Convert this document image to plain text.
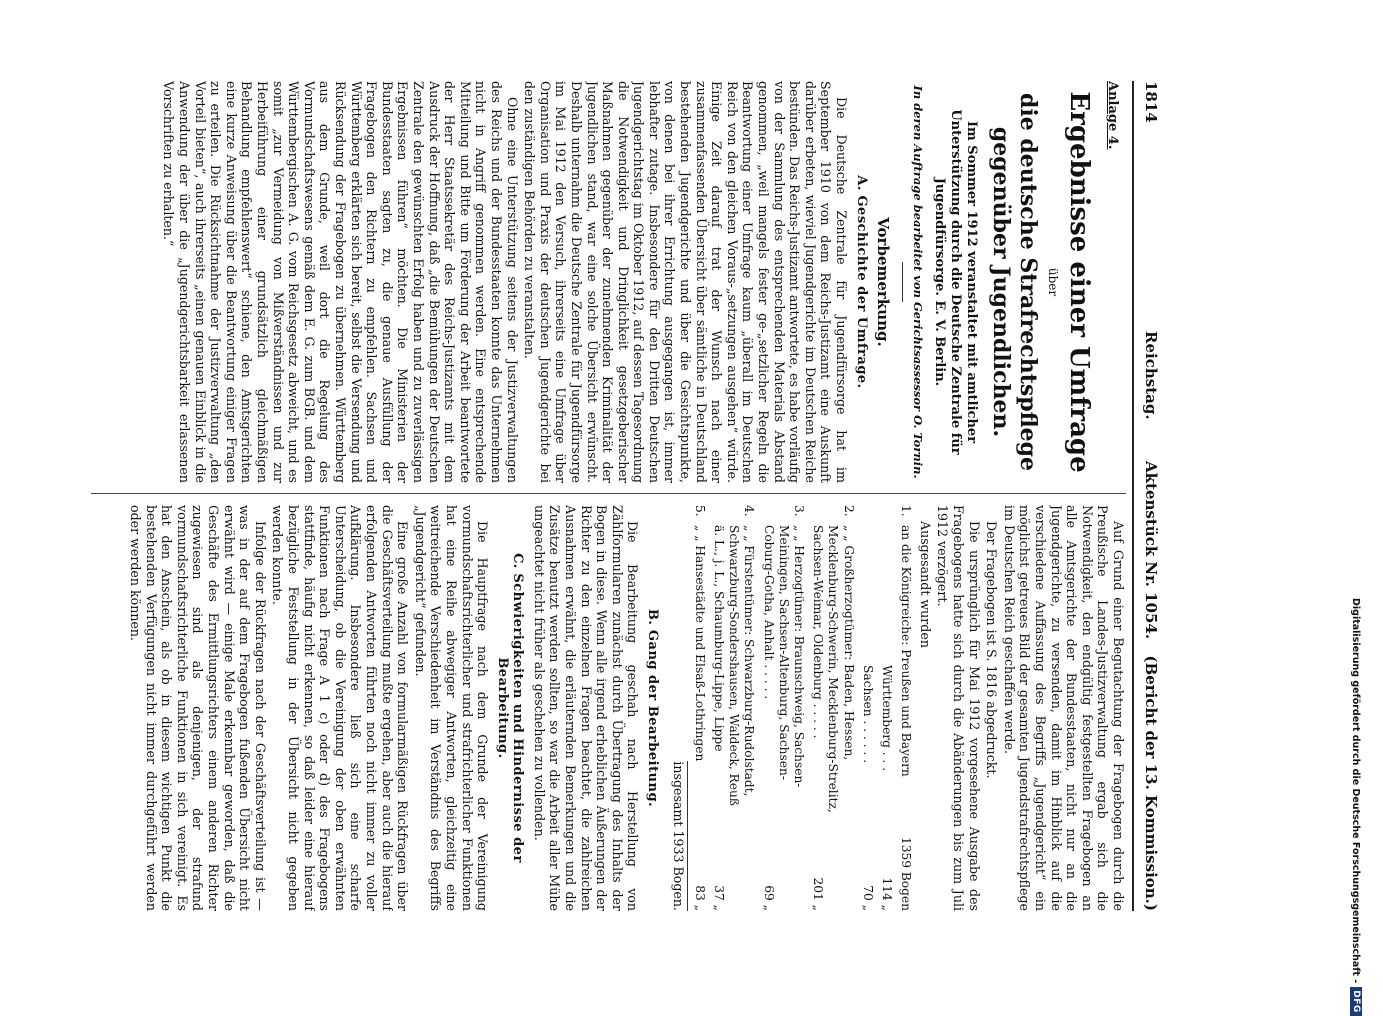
1814
Reichstag.
Aktenstück Nr. 1054.
(Bericht der 13. Kommission.)

Anlage 4.

Ergebnisse einer Umfrage

über

die deutsche Strafrechtspflege gegenüber Jugendlichen.

Im Sommer 1912 veranstaltet mit amtlicher Unterstützung durch die Deutsche Zentrale für Jugendfürsorge. E. V. Berlin.

In deren Auftrage bearbeitet von Gerichtsassessor O. Tornin.

Vorbemerkung.

A. Geschichte der Umfrage.

Die Deutsche Zentrale für Jugendfürsorge hat im September 1910 von dem Reichs-Justizamt eine Auskunft darüber erbeten, wieviel Jugendgerichte im Deutschen Reiche bestünden. Das Reichs-Justizamt antwortete, es habe vorläufig von der Sammlung des entsprechenden Materials Abstand genommen, „weil mangels fester ge-„setzlicher Regeln die Beantwortung einer Umfrage kaum „überall im Deutschen Reich von den gleichen Voraus-„setzungen ausgehen“ würde. Einige Zeit darauf trat der Wunsch nach einer zusammenfassenden Übersicht über sämtliche in Deutschland bestehenden Jugendgerichte und über die Gesichtspunkte, von denen bei ihrer Errichtung ausgegangen ist, immer lebhafter zutage. Insbesondere für den Dritten Deutschen Jugendgerichtstag im Oktober 1912, auf dessen Tagesordnung die Notwendigkeit und Dringlichkeit gesetzgeberischer Maßnahmen gegenüber der zunehmenden Kriminalität der Jugendlichen stand, war eine solche Übersicht erwünscht. Deshalb unternahm die Deutsche Zentrale für Jugendfürsorge im Mai 1912 den Versuch, ihrerseits eine Umfrage über Organisation und Praxis der deutschen Jugendgerichte bei den zuständigen Behörden zu veranstalten.

Ohne eine Unterstützung seitens der Justizverwaltungen des Reichs und der Bundesstaaten konnte das Unternehmen nicht in Angriff genommen werden. Eine entsprechende Mitteilung und Bitte um Förderung der Arbeit beantwortete der Herr Staatssekretär des Reichs-Justizamts mit dem Ausdruck der Hoffnung, daß „die Bemühungen der Deutschen Zentrale den gewünschten Erfolg haben und zu zuverlässigen Ergebnissen führen“ möchten. Die Ministerien der Bundesstaaten sagten zu, die genaue Ausfüllung der Fragebogen den Richtern zu empfehlen. Sachsen und Württemberg erklärten sich bereit, selbst die Versendung und Rücksendung der Fragebogen zu übernehmen. Württemberg aus dem Grunde, weil dort die Regelung des Vormundschaftswesens gemäß dem E. G. zum BGB. und dem Württembergischen A. G. vom Reichsgesetz abweicht, und es somit „zur Vermeidung von Mißverständnissen und zur Herbeiführung einer grundsätzlich gleichmäßigen Behandlung empfehlenswert“ schiene, den Amtsgerichten eine kurze Anweisung über die Beantwortung einiger Fragen zu erteilen. Die Rücksichtnahme der Justizverwaltung „den Vorteil bieten“, auch ihrerseits „einen genauen Einblick in die Anwendung der über die „Jugendgerichtsbarkeit erlassenen Vorschriften zu erhalten.“

Auf Grund einer Begutachtung der Fragebogen durch die Preußische Landes-Justizverwaltung ergab sich die Notwendigkeit, den endgültig festgestellten Fragebogen an alle Amtsgerichte der Bundesstaaten, nicht nur an die Jugendgerichte, zu versenden, damit im Hinblick auf die verschiedene Auffassung des Begriffs „Jugendgericht“ ein möglichst getreues Bild der gesamten Jugendstrafrechtspflege im Deutschen Reich geschaffen werde.

Der Fragebogen ist S. 1816 abgedruckt.

Die ursprünglich für Mai 1912 vorgesehene Ausgabe des Fragebogens hatte sich durch die Abänderungen bis zum Juli 1912 verzögert.

Ausgesandt wurden

1.
an die Königreiche: Preußen und Bayern
1359 Bogen
Württemberg . . .
114 „
Sachsen . . . . . .
70 „
2.
„ „ Großherzogtümer: Baden, Hessen, Mecklenburg-Schwerin, Mecklenburg-Strelitz, Sachsen-Weimar, Oldenburg . . . . .
201 „
3.
„ „ Herzogtümer: Braunschweig, Sachsen-Meiningen, Sachsen-Altenburg, Sachsen-Coburg-Gotha, Anhalt . . . . .
69 „
4.
„ „ Fürstentümer: Schwarzburg-Rudolstadt, Schwarzburg-Sondershausen, Waldeck, Reuß ä. L., j. L., Schaumburg-Lippe, Lippe
37 „
5.
„ „ Hansestädte und Elsaß-Lothringen
83 „

insgesamt 1933 Bogen.

B. Gang der Bearbeitung.

Die Bearbeitung geschah nach Herstellung von Zählformularen zunächst durch Übertragung des Inhalts der Bogen in diese. Wenn alle irgend erheblichen Äußerungen der Richter zu den einzelnen Fragen beachtet, die zahlreichen Ausnahmen erwähnt, die erläuternden Bemerkungen und die Zusätze benutzt werden sollten, so war die Arbeit aller Mühe ungeachtet nicht früher als geschehen zu vollenden.

C. Schwierigkeiten und Hindernisse der Bearbeitung.

Die Hauptfrage nach dem Grunde der Vereinigung vormundschaftsrichterlicher und strafrichterlicher Funktionen hat eine Reihe abwegiger Antworten, gleichzeitig eine weitreichende Verschiedenheit im Verständnis des Begriffs „Jugendgericht“ gefunden.

Eine große Anzahl von formularmäßigen Rückfragen über die Geschäftsverteilung mußte ergehen, aber auch die hierauf erfolgenden Antworten führten noch nicht immer zu voller Aufklärung. Insbesondere ließ sich eine scharfe Unterscheidung, ob die Vereinigung der oben erwähnten Funktionen nach Frage A 1 c) oder d) des Fragebogens stattfinde, häufig nicht erkennen, so daß leider eine hierauf bezügliche Feststellung in der Übersicht nicht gegeben werden konnte.

Infolge der Rückfragen nach der Geschäftsverteilung ist — was in der auf dem Fragebogen fußenden Übersicht nicht erwähnt wird — einige Male erkennbar geworden, daß die Geschäfte des Ermittlungsrichters einem anderen Richter zugewiesen sind als denjenigen, der strafund vormundschaftsrichterliche Funktionen in sich vereinigt. Es hat den Anschein, als ob in diesem wichtigen Punkt die bestehenden Verfügungen nicht immer durchgeführt werden oder werden können.

Digitalisierung gefördert durch die Deutsche Forschungsgemeinschaft -
DFG
